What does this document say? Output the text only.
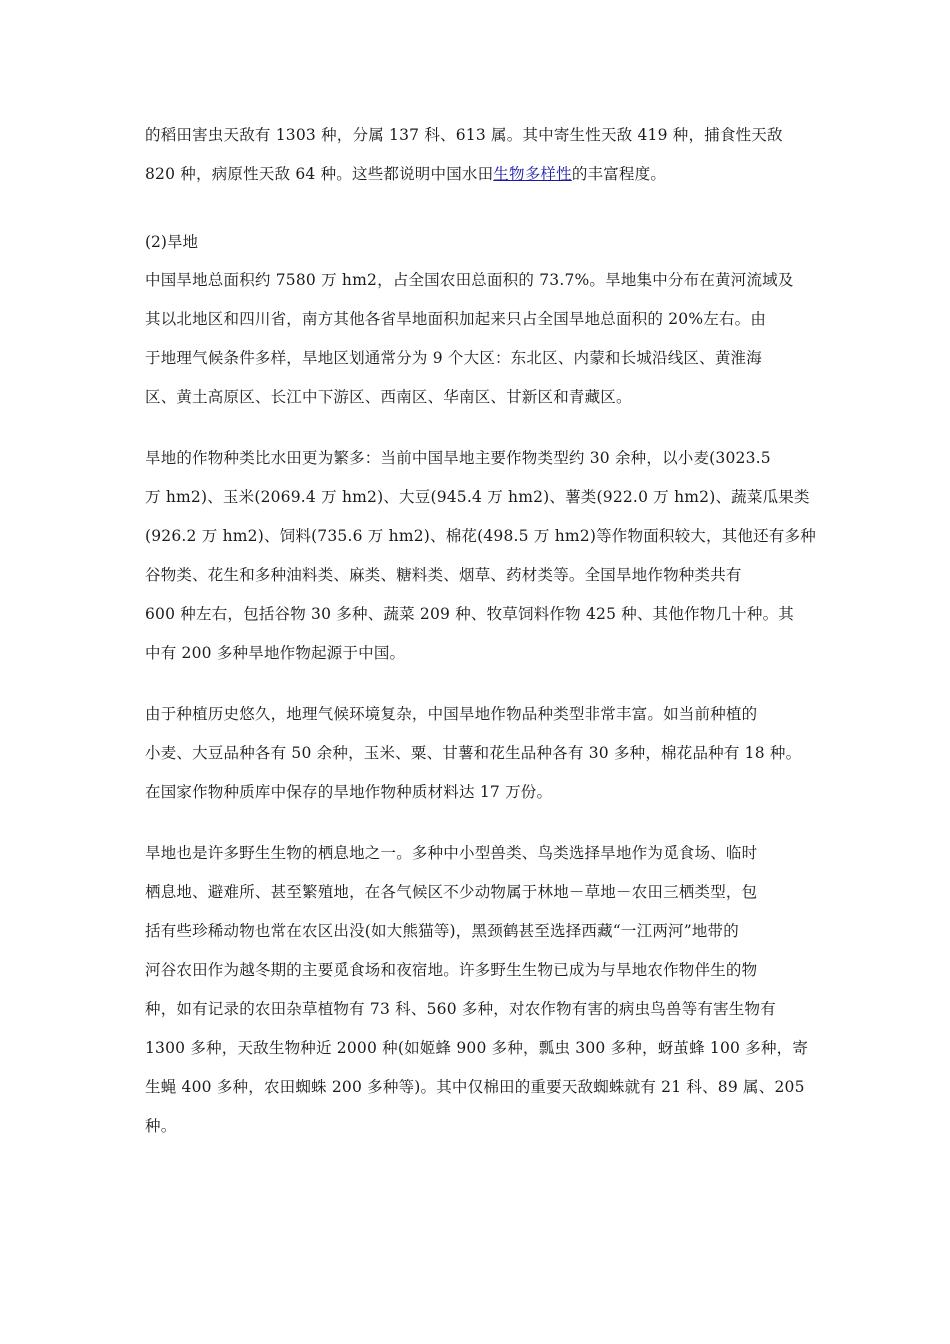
的稻田害虫天敌有 1303 种，分属 137 科、613 属。其中寄生性天敌 419 种，捕食性天敌
820 种，病原性天敌 64 种。这些都说明中国水田生物多样性的丰富程度。

(2)旱地

中国旱地总面积约 7580 万 hm2，占全国农田总面积的 73.7%。旱地集中分布在黄河流域及
其以北地区和四川省，南方其他各省旱地面积加起来只占全国旱地总面积的 20%左右。由
于地理气候条件多样，旱地区划通常分为 9 个大区：东北区、内蒙和长城沿线区、黄淮海
区、黄土高原区、长江中下游区、西南区、华南区、甘新区和青藏区。

旱地的作物种类比水田更为繁多：当前中国旱地主要作物类型约 30 余种，以小麦(3023.5
万 hm2)、玉米(2069.4 万 hm2)、大豆(945.4 万 hm2)、薯类(922.0 万 hm2)、蔬菜瓜果类
(926.2 万 hm2)、饲料(735.6 万 hm2)、棉花(498.5 万 hm2)等作物面积较大，其他还有多种
谷物类、花生和多种油料类、麻类、糖料类、烟草、药材类等。全国旱地作物种类共有
600 种左右，包括谷物 30 多种、蔬菜 209 种、牧草饲料作物 425 种、其他作物几十种。其
中有 200 多种旱地作物起源于中国。

由于种植历史悠久，地理气候环境复杂，中国旱地作物品种类型非常丰富。如当前种植的
小麦、大豆品种各有 50 余种，玉米、粟、甘薯和花生品种各有 30 多种，棉花品种有 18 种。
在国家作物种质库中保存的旱地作物种质材料达 17 万份。

旱地也是许多野生生物的栖息地之一。多种中小型兽类、鸟类选择旱地作为觅食场、临时
栖息地、避难所、甚至繁殖地，在各气候区不少动物属于林地－草地－农田三栖类型，包
括有些珍稀动物也常在农区出没(如大熊猫等)，黑颈鹤甚至选择西藏“一江两河”地带的
河谷农田作为越冬期的主要觅食场和夜宿地。许多野生生物已成为与旱地农作物伴生的物
种，如有记录的农田杂草植物有 73 科、560 多种，对农作物有害的病虫鸟兽等有害生物有
1300 多种，天敌生物种近 2000 种(如姬蜂 900 多种，瓢虫 300 多种，蚜茧蜂 100 多种，寄
生蝇 400 多种，农田蜘蛛 200 多种等)。其中仅棉田的重要天敌蜘蛛就有 21 科、89 属、205
种。
